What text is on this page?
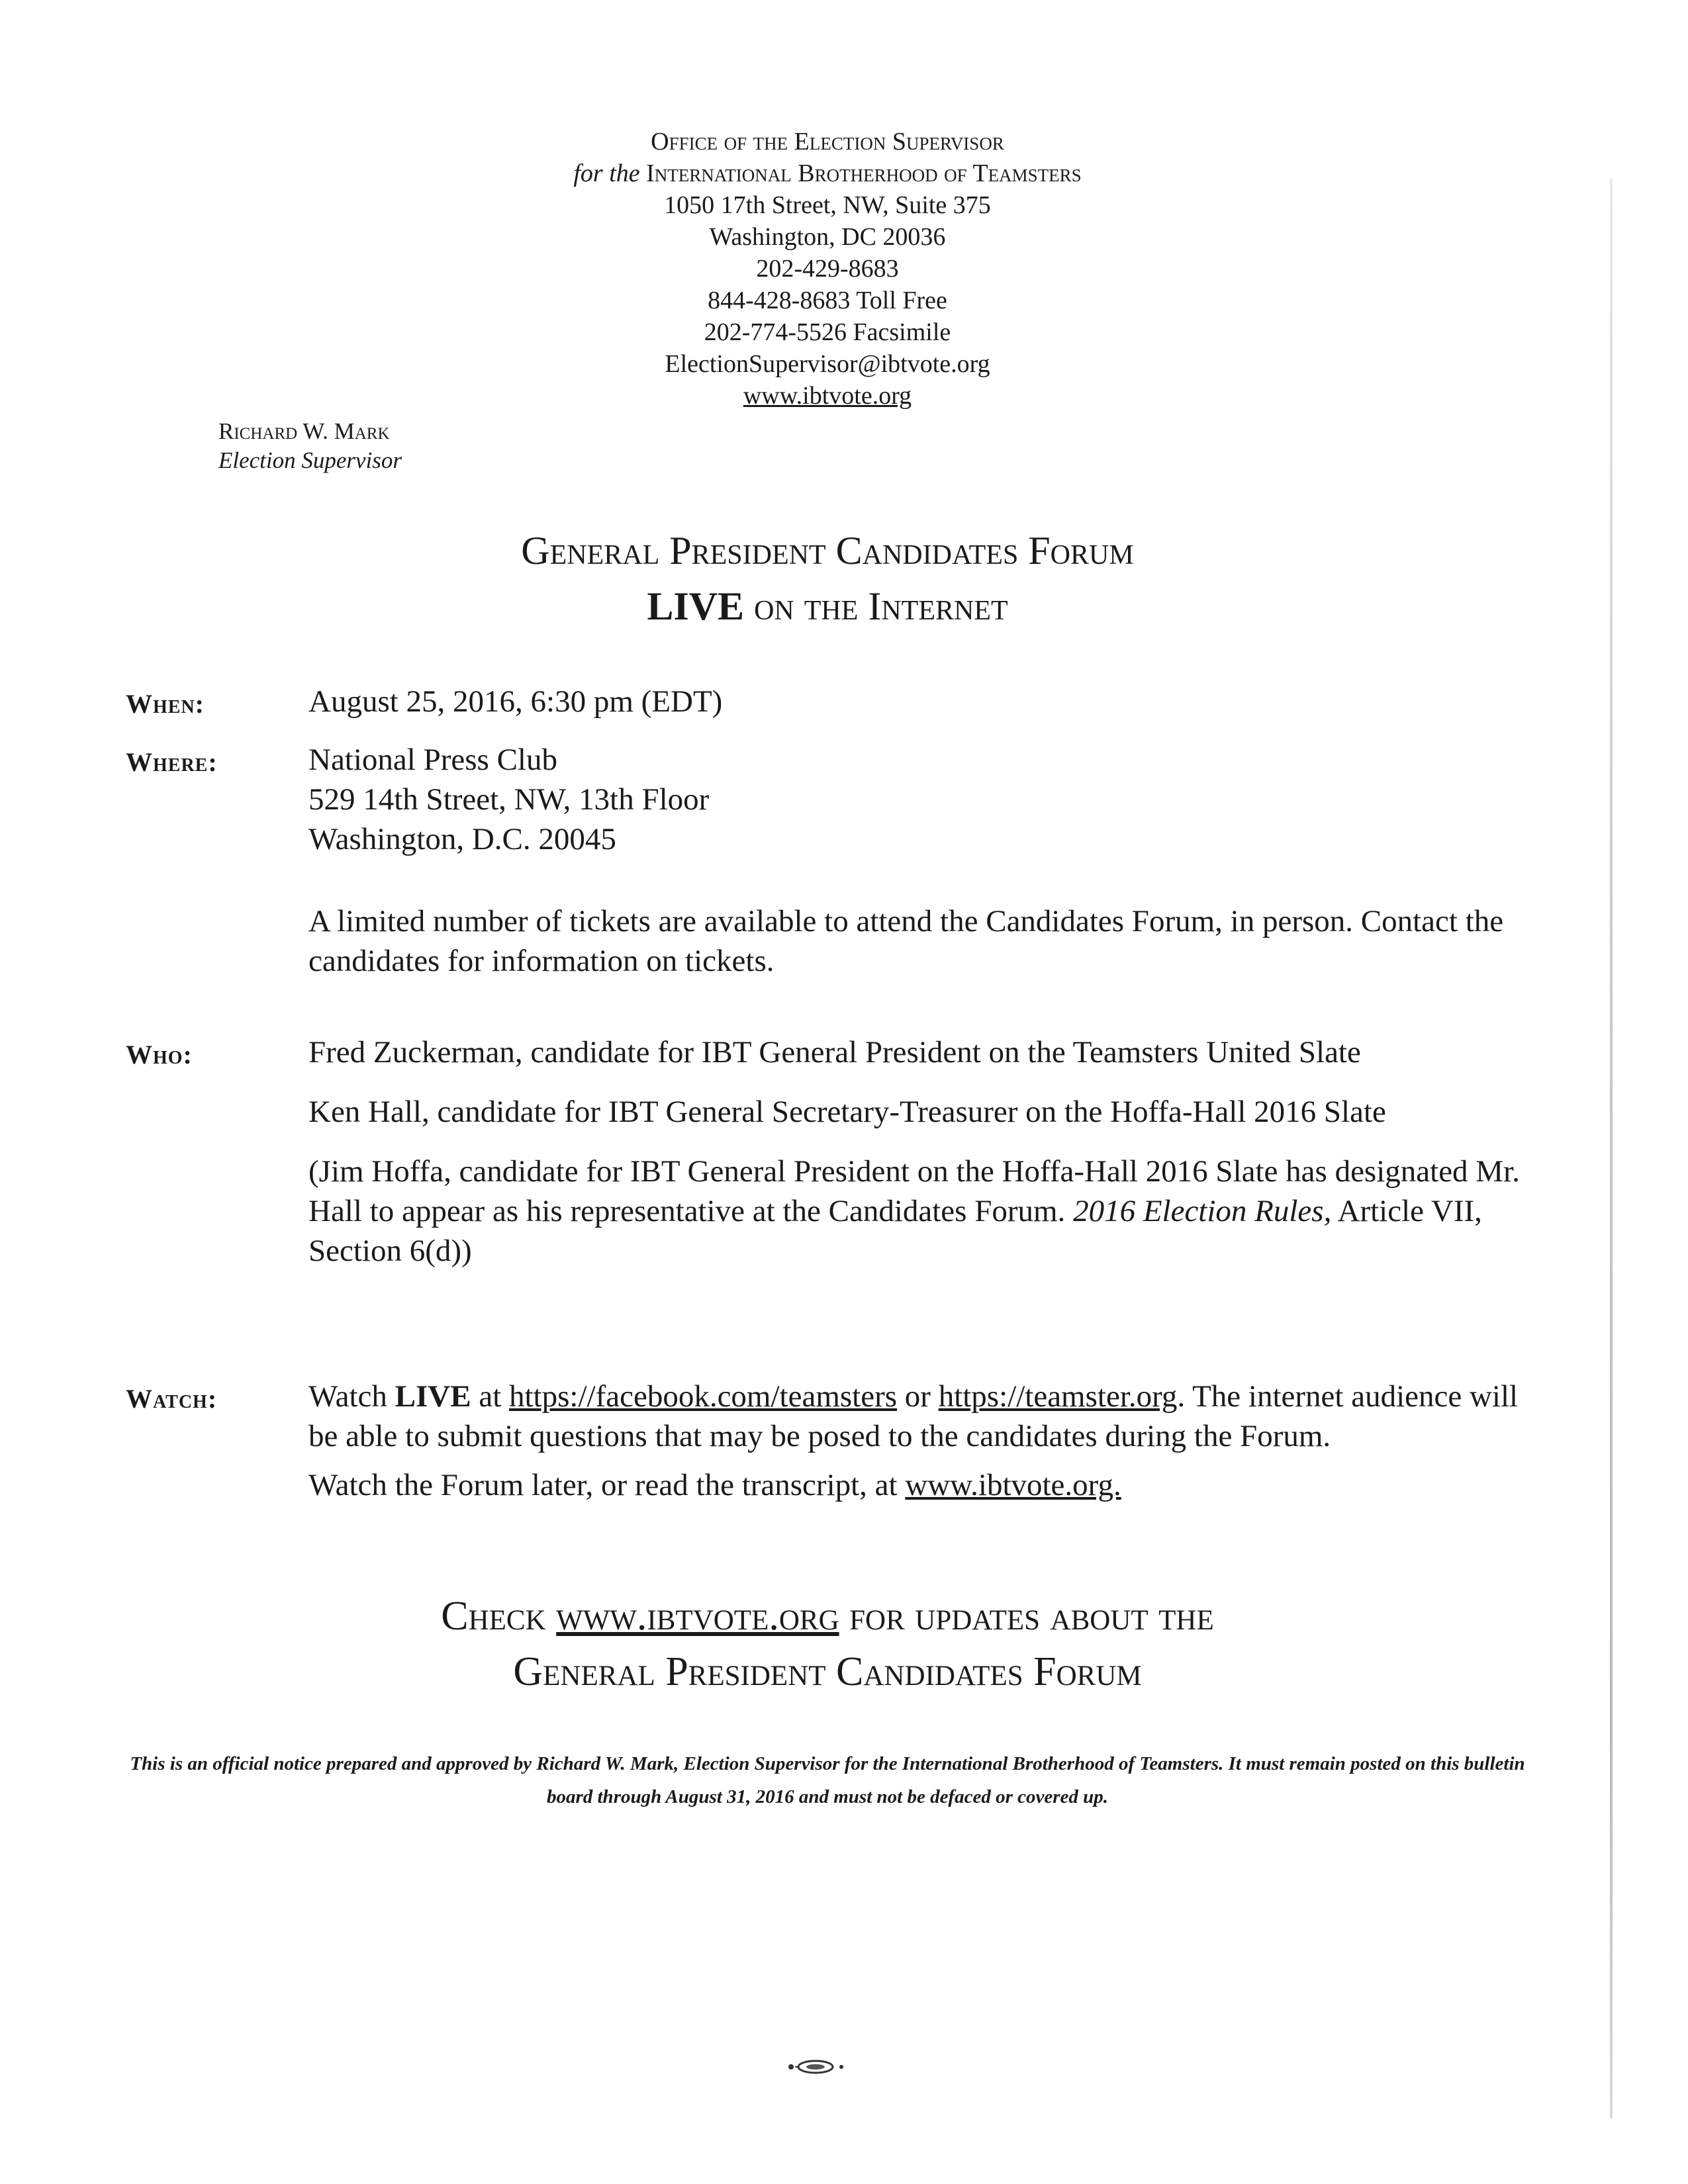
Office of the Election Supervisor
for the International Brotherhood of Teamsters
1050 17th Street, NW, Suite 375
Washington, DC 20036
202-429-8683
844-428-8683 Toll Free
202-774-5526 Facsimile
ElectionSupervisor@ibtvote.org
www.ibtvote.org
Richard W. Mark
Election Supervisor
General President Candidates Forum
LIVE on the Internet
When:	August 25, 2016, 6:30 pm (EDT)

Where:	National Press Club

529 14th Street, NW, 13th Floor

Washington, D.C. 20045

A limited number of tickets are available to attend the Candidates Forum, in person. Contact the candidates for information on tickets.

Who:	Fred Zuckerman, candidate for IBT General President on the Teamsters United Slate

Ken Hall, candidate for IBT General Secretary-Treasurer on the Hoffa-Hall 2016 Slate

(Jim Hoffa, candidate for IBT General President on the Hoffa-Hall 2016 Slate has designated Mr. Hall to appear as his representative at the Candidates Forum. 2016 Election Rules, Article VII, Section 6(d))

Watch:	Watch LIVE at https://facebook.com/teamsters or https://teamster.org. The internet audience will be able to submit questions that may be posed to the candidates during the Forum.

Watch the Forum later, or read the transcript, at www.ibtvote.org.

Check www.ibtvote.org for updates about the
General President Candidates Forum
This is an official notice prepared and approved by Richard W. Mark, Election Supervisor for the International Brotherhood of Teamsters. It must remain posted on this bulletin board through August 31, 2016 and must not be defaced or covered up.
